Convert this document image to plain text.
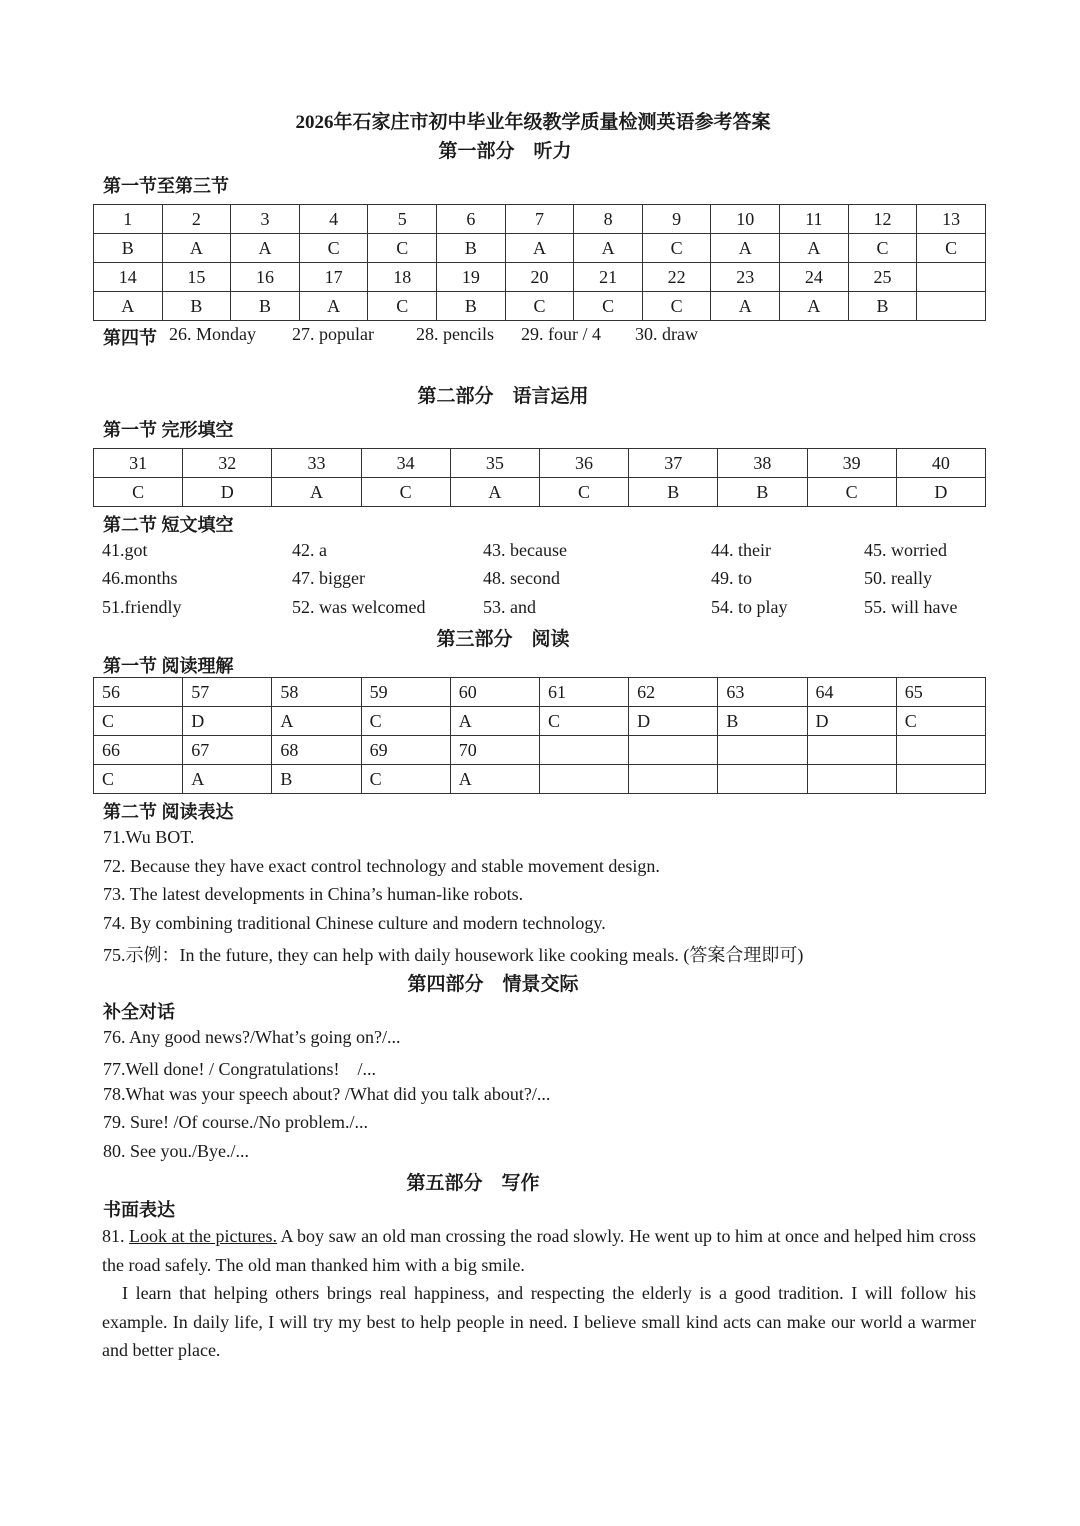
2026年石家庄市初中毕业年级教学质量检测英语参考答案
第一部分　听力
第一节至第三节
1	2	3	4	5	6	7	8	9	10	11	12	13
B	A	A	C	C	B	A	A	C	A	A	C	C
14	15	16	17	18	19	20	21	22	23	24	25	
A	B	B	A	C	B	C	C	C	A	A	B	
第四节 26. Monday 27. popular 28. pencils 29. four / 4 30. draw
第二部分　语言运用
第一节 完形填空
31	32	33	34	35	36	37	38	39	40
C	D	A	C	A	C	B	B	C	D
第二节 短文填空
41.got	42. a	43. because	44. their	45. worried
46.months	47. bigger	48. second	49. to	50. really
51.friendly	52. was welcomed	53. and	54. to play	55. will have
第三部分　阅读
第一节 阅读理解
56	57	58	59	60	61	62	63	64	65
C	D	A	C	A	C	D	B	D	C
66	67	68	69	70					
C	A	B	C	A					
第二节 阅读表达
71.Wu BOT.
72. Because they have exact control technology and stable movement design.
73. The latest developments in China’s human-like robots.
74. By combining traditional Chinese culture and modern technology.
75.示例：In the future, they can help with daily housework like cooking meals. (答案合理即可)
第四部分　情景交际
补全对话
76. Any good news?/What’s going on?/...
77.Well done! / Congratulations!　/...
78.What was your speech about? /What did you talk about?/...
79. Sure! /Of course./No problem./...
80. See you./Bye./...
第五部分　写作
书面表达
81. Look at the pictures. A boy saw an old man crossing the road slowly. He went up to him at once and helped him cross the road safely. The old man thanked him with a big smile.
I learn that helping others brings real happiness, and respecting the elderly is a good tradition. I will follow his example. In daily life, I will try my best to help people in need. I believe small kind acts can make our world a warmer and better place.
